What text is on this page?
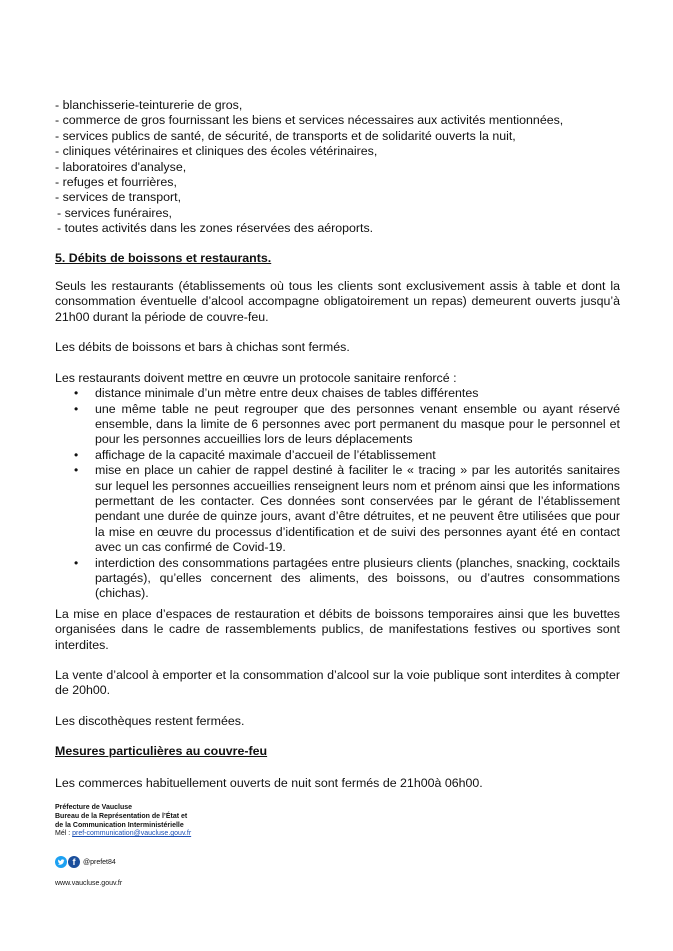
- blanchisserie-teinturerie de gros,
- commerce de gros fournissant les biens et services nécessaires aux activités mentionnées,
- services publics de santé, de sécurité, de transports et de solidarité ouverts la nuit,
- cliniques vétérinaires et cliniques des écoles vétérinaires,
- laboratoires d'analyse,
- refuges et fourrières,
- services de transport,
- services funéraires,
- toutes activités dans les zones réservées des aéroports.
5. Débits de boissons et restaurants.

Seuls les restaurants (établissements où tous les clients sont exclusivement assis à table et dont la consommation éventuelle d’alcool accompagne obligatoirement un repas) demeurent ouverts jusqu’à 21h00 durant la période de couvre-feu.

Les débits de boissons et bars à chichas sont fermés.

Les restaurants doivent mettre en œuvre un protocole sanitaire renforcé :

• distance minimale d’un mètre entre deux chaises de tables différentes
• une même table ne peut regrouper que des personnes venant ensemble ou ayant réservé ensemble, dans la limite de 6 personnes avec port permanent du masque pour le personnel et pour les personnes accueillies lors de leurs déplacements
• affichage de la capacité maximale d’accueil de l’établissement
• mise en place un cahier de rappel destiné à faciliter le « tracing » par les autorités sanitaires sur lequel les personnes accueillies renseignent leurs nom et prénom ainsi que les informations permettant de les contacter. Ces données sont conservées par le gérant de l’établissement pendant une durée de quinze jours, avant d’être détruites, et ne peuvent être utilisées que pour la mise en œuvre du processus d’identification et de suivi des personnes ayant été en contact avec un cas confirmé de Covid-19.
• interdiction des consommations partagées entre plusieurs clients (planches, snacking, cocktails partagés), qu’elles concernent des aliments, des boissons, ou d’autres consommations (chichas).

La mise en place d’espaces de restauration et débits de boissons temporaires ainsi que les buvettes organisées dans le cadre de rassemblements publics, de manifestations festives ou sportives sont interdites.

La vente d’alcool à emporter et la consommation d’alcool sur la voie publique sont interdites à compter de 20h00.

Les discothèques restent fermées.

Mesures particulières au couvre-feu

Les commerces habituellement ouverts de nuit sont fermés de 21h00à 06h00.

Préfecture de Vaucluse
Bureau de la Représentation de l’État et
de la Communication Interministérielle
Mél : pref-communication@vaucluse.gouv.fr
f	@prefet84
www.vaucluse.gouv.fr
